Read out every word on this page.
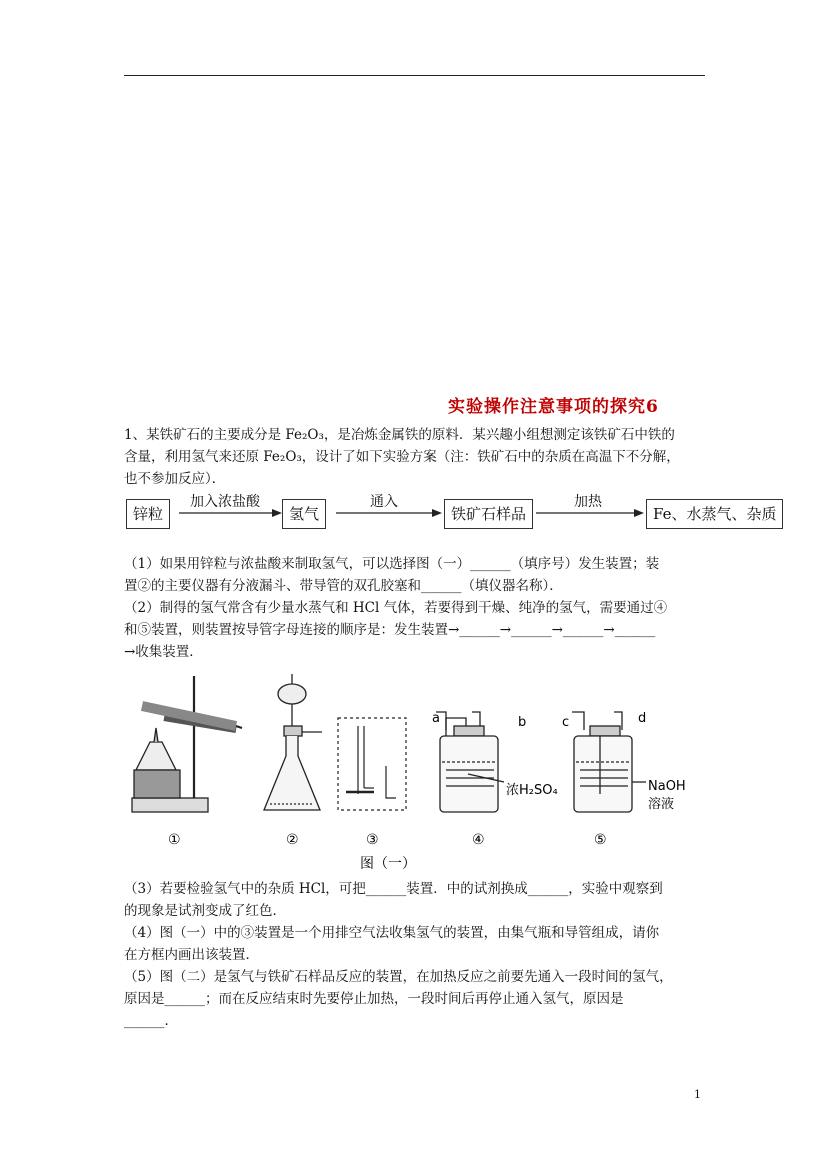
实验操作注意事项的探究6
1、某铁矿石的主要成分是 Fe₂O₃，是冶炼金属铁的原料．某兴趣小组想测定该铁矿石中铁的
含量，利用氢气来还原 Fe₂O₃，设计了如下实验方案（注：铁矿石中的杂质在高温下不分解，
也不参加反应）．
锌粒
加入浓盐酸
氢气
通入
铁矿石样品
加热
Fe、水蒸气、杂质
（1）如果用锌粒与浓盐酸来制取氢气，可以选择图（一）______（填序号）发生装置；装
置②的主要仪器有分液漏斗、带导管的双孔胶塞和______（填仪器名称）．
（2）制得的氢气常含有少量水蒸气和 HCl 气体，若要得到干燥、纯净的氢气，需要通过④
和⑤装置，则装置按导管字母连接的顺序是：发生装置→______→______→______→______
→收集装置．
a	b	c	d
浓H₂SO₄	NaOH
溶液
①	②	③	④	⑤
图（一）
（3）若要检验氢气中的杂质 HCl，可把______装置．中的试剂换成______，实验中观察到
的现象是试剂变成了红色．
（4）图（一）中的③装置是一个用排空气法收集氢气的装置，由集气瓶和导管组成，请你
在方框内画出该装置．
（5）图（二）是氢气与铁矿石样品反应的装置，在加热反应之前要先通入一段时间的氢气，
原因是______；而在反应结束时先要停止加热，一段时间后再停止通入氢气，原因是
______．
1
